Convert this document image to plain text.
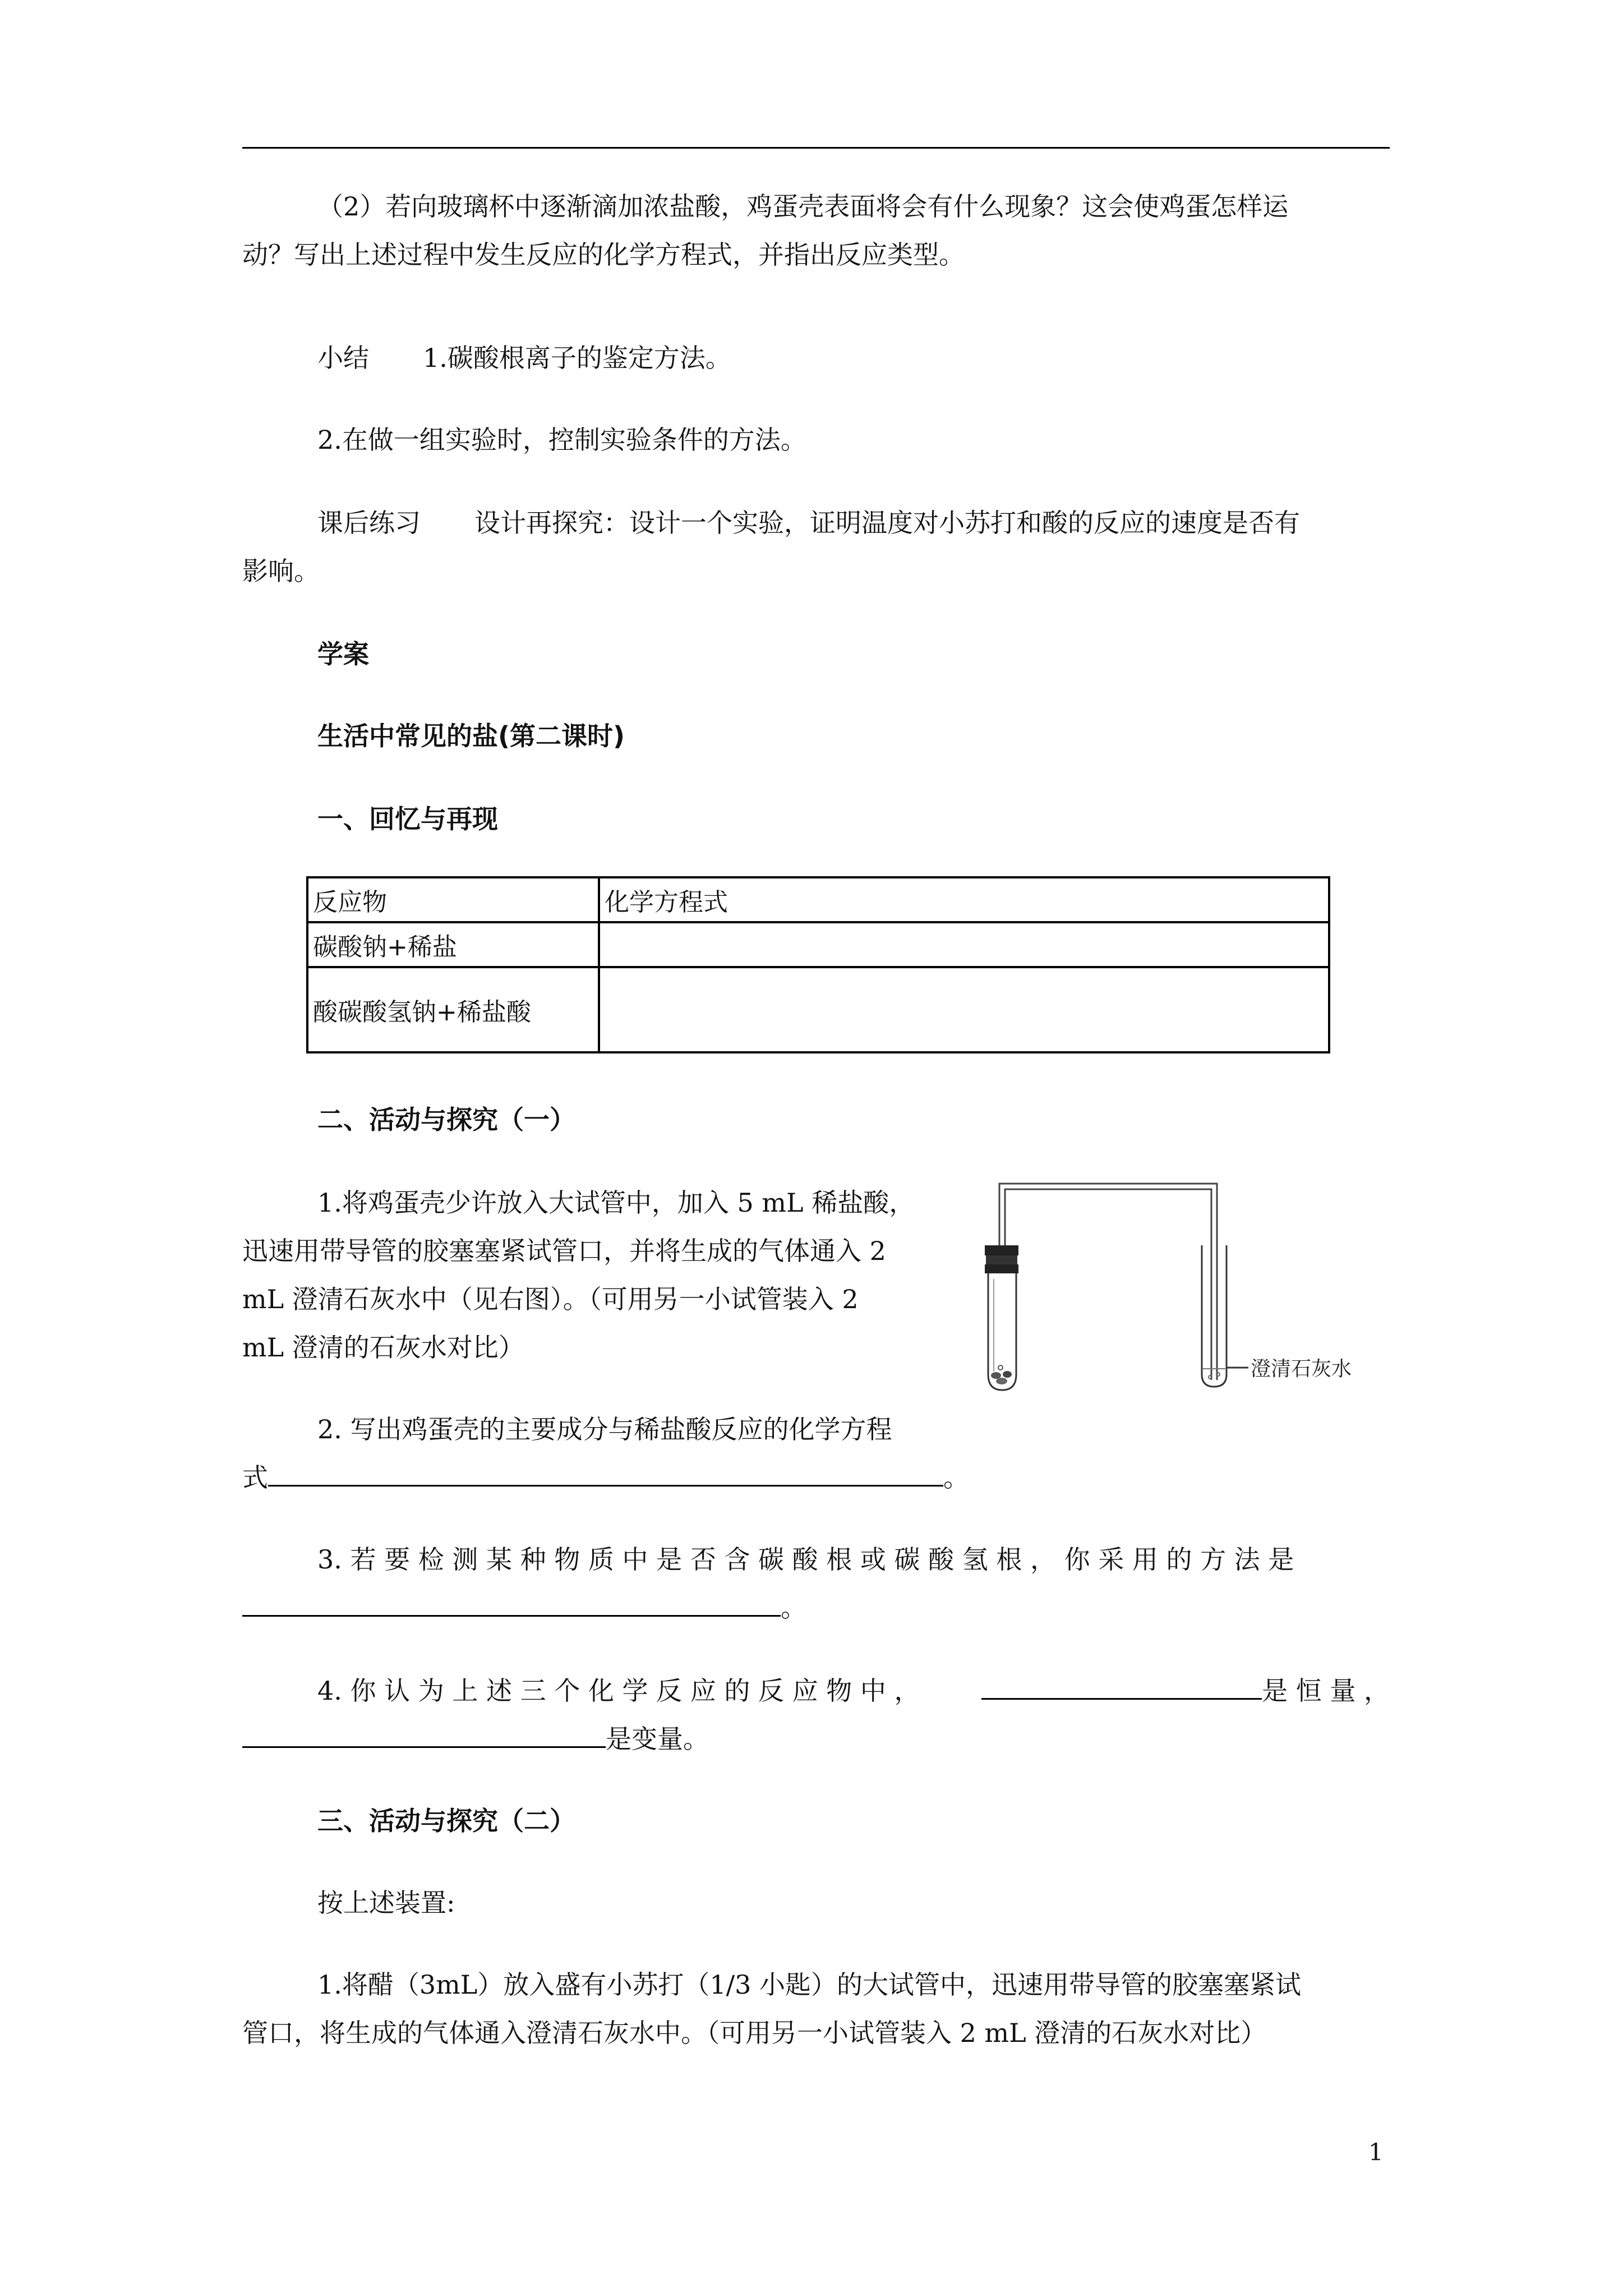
（2）若向玻璃杯中逐渐滴加浓盐酸，鸡蛋壳表面将会有什么现象？这会使鸡蛋怎样运
动？写出上述过程中发生反应的化学方程式，并指出反应类型。
小结 1.碳酸根离子的鉴定方法。
2.在做一组实验时，控制实验条件的方法。
课后练习 设计再探究：设计一个实验，证明温度对小苏打和酸的反应的速度是否有
影响。
学案
生活中常见的盐(第二课时)
一、回忆与再现
反应物	化学方程式
碳酸钠+稀盐	
酸碳酸氢钠+稀盐酸	
二、活动与探究（一）
1.将鸡蛋壳少许放入大试管中，加入 5 mL 稀盐酸，
迅速用带导管的胶塞塞紧试管口，并将生成的气体通入 2
mL 澄清石灰水中（见右图）。（可用另一小试管装入 2
mL 澄清的石灰水对比）
澄清石灰水
2. 写出鸡蛋壳的主要成分与稀盐酸反应的化学方程
式	。
3. 若 要 检 测 某 种 物 质 中 是 否 含 碳 酸 根 或 碳 酸 氢 根 ， 你 采 用 的 方 法 是
。
4. 你 认 为 上 述 三 个 化 学 反 应 的 反 应 物 中 ，	是 恒 量 ，
是变量。
三、活动与探究（二）
按上述装置:
1.将醋（3mL）放入盛有小苏打（1/3 小匙）的大试管中，迅速用带导管的胶塞塞紧试
管口，将生成的气体通入澄清石灰水中。（可用另一小试管装入 2 mL 澄清的石灰水对比）
1
